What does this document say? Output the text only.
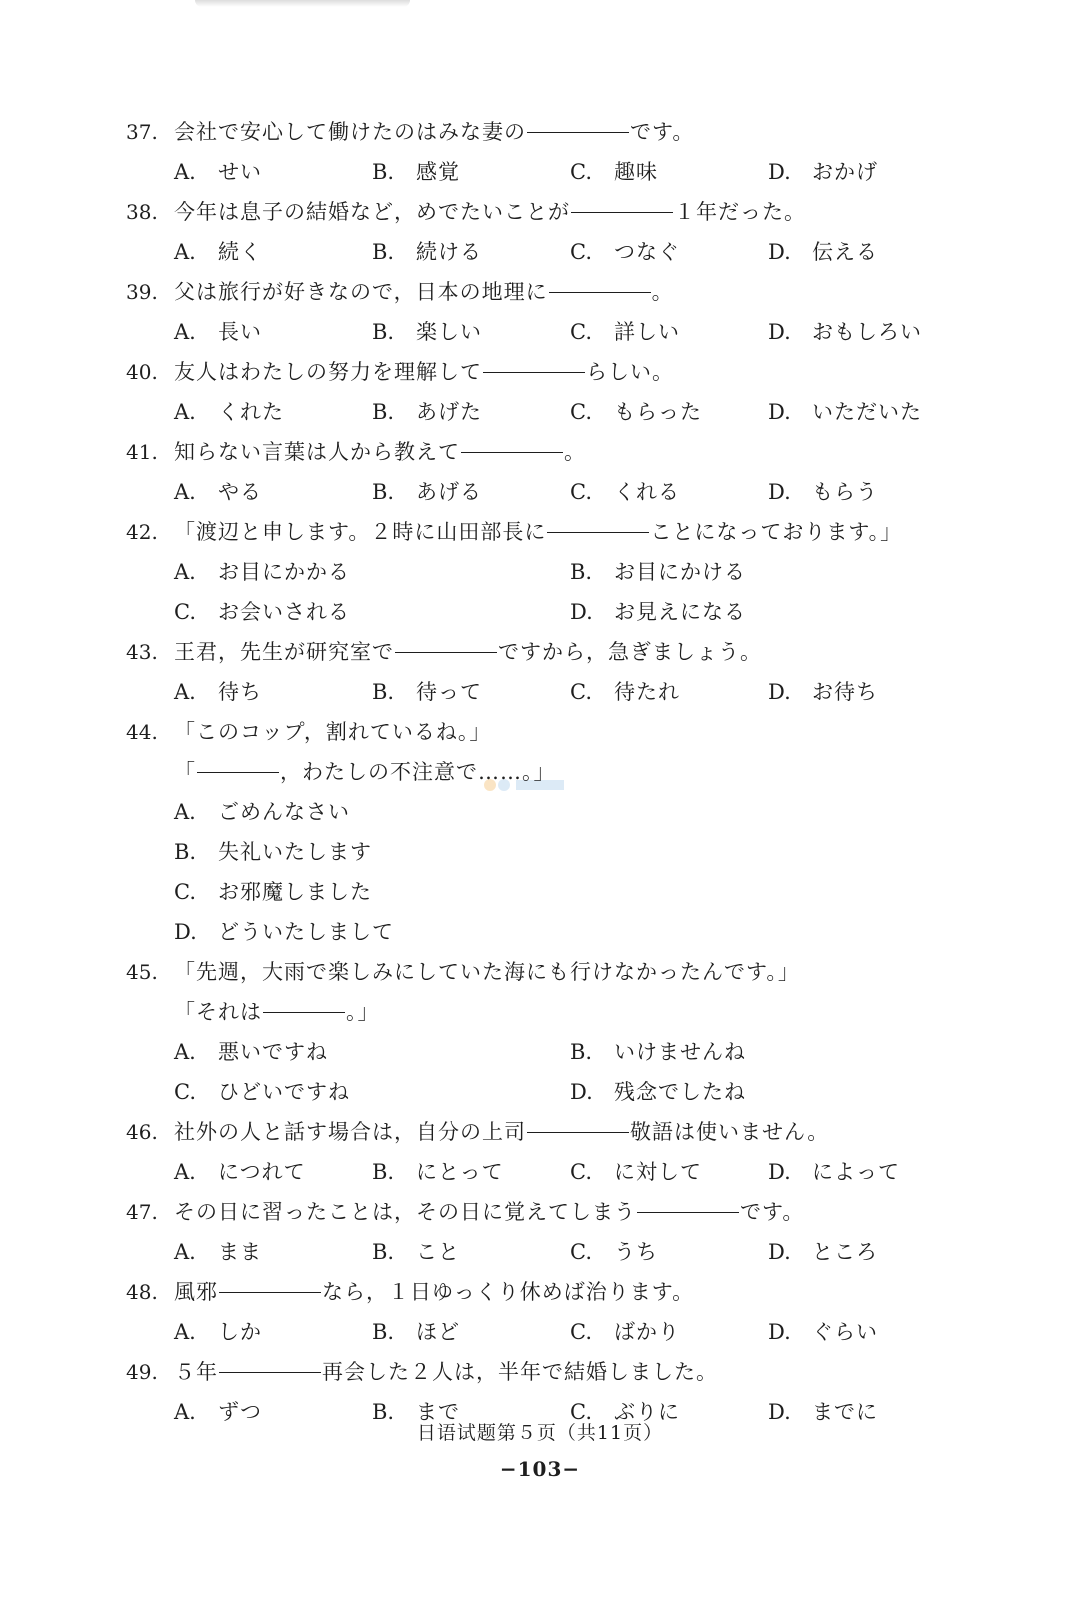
37. 会社で安心して働けたのはみな妻の	です。
A. せい	B. 感覚	C. 趣味	D. おかげ
38. 今年は息子の結婚など，めでたいことが	１年だった。
A. 続く	B. 続ける	C. つなぐ	D. 伝える
39. 父は旅行が好きなので，日本の地理に	。
A. 長い	B. 楽しい	C. 詳しい	D. おもしろい
40. 友人はわたしの努力を理解して	らしい。
A. くれた	B. あげた	C. もらった	D. いただいた
41. 知らない言葉は人から教えて	。
A. やる	B. あげる	C. くれる	D. もらう
42. 「渡辺と申します。２時に山田部長に	ことになっております。」
A. お目にかかる	B. お目にかける
C. お会いされる	D. お見えになる
43. 王君，先生が研究室で	ですから，急ぎましょう。
A. 待ち	B. 待って	C. 待たれ	D. お待ち
44. 「このコップ，割れているね。」
「	，わたしの不注意で……。」
A. ごめんなさい
B. 失礼いたします
C. お邪魔しました
D. どういたしまして
45. 「先週，大雨で楽しみにしていた海にも行けなかったんです。」
「それは	。」
A. 悪いですね	B. いけませんね
C. ひどいですね	D. 残念でしたね
46. 社外の人と話す場合は，自分の上司	敬語は使いません。
A. につれて	B. にとって	C. に対して	D. によって
47. その日に習ったことは，その日に覚えてしまう	です。
A. まま	B. こと	C. うち	D. ところ
48. 風邪	なら，１日ゆっくり休めば治ります。
A. しか	B. ほど	C. ばかり	D. ぐらい
49. ５年	再会した２人は，半年で結婚しました。
A. ずつ	B. まで	C. ぶりに	D. までに
日语试题第５页（共11页）
−103−
